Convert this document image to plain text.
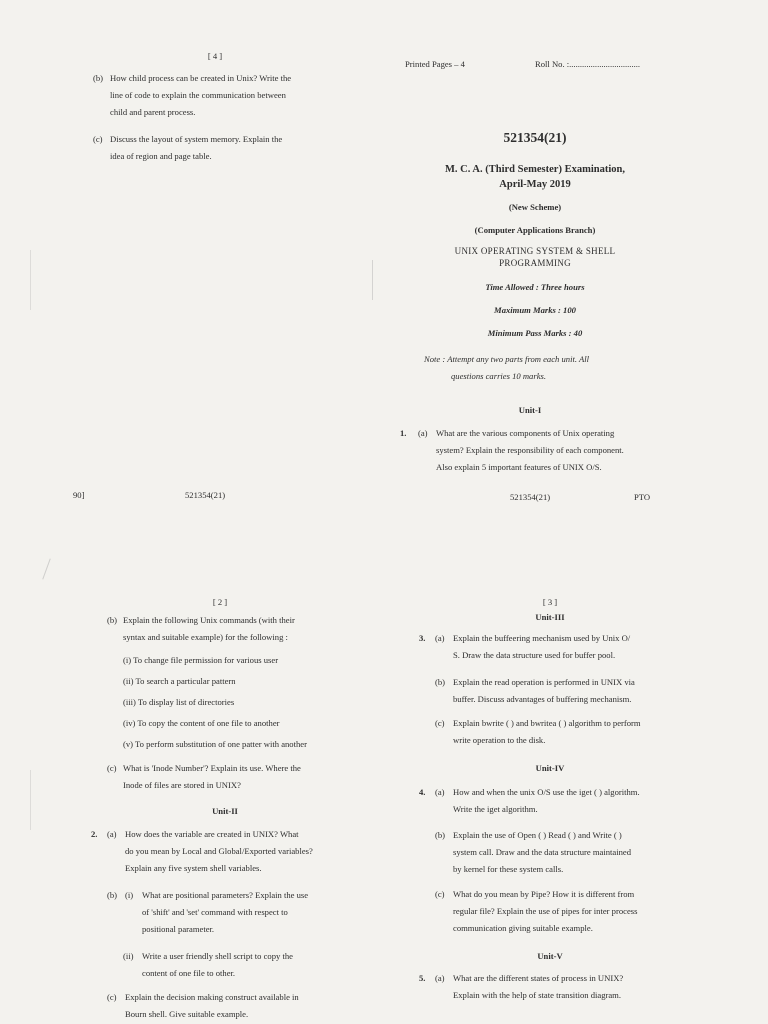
[ 4 ]
(b) How child process can be created in Unix? Write the
line of code to explain the communication between
child and parent process.
(c) Discuss the layout of system memory. Explain the
idea of region and page table.
90]	521354(21)
Printed Pages – 4	Roll No. :.................................
521354(21)
M. C. A. (Third Semester) Examination,
April-May 2019
(New Scheme)
(Computer Applications Branch)
UNIX OPERATING SYSTEM & SHELL
PROGRAMMING
Time Allowed : Three hours
Maximum Marks : 100
Minimum Pass Marks : 40
Note : Attempt any two parts from each unit. All
questions carries 10 marks.
Unit-I
1. (a) What are the various components of Unix operating
system? Explain the responsibility of each component.
Also explain 5 important features of UNIX O/S.
521354(21)	PTO
[ 2 ]
(b) Explain the following Unix commands (with their
syntax and suitable example) for the following :
(i) To change file permission for various user
(ii) To search a particular pattern
(iii) To display list of directories
(iv) To copy the content of one file to another
(v) To perform substitution of one patter with another
(c) What is 'Inode Number'? Explain its use. Where the
Inode of files are stored in UNIX?
Unit-II
2. (a) How does the variable are created in UNIX? What
do you mean by Local and Global/Exported variables?
Explain any five system shell variables.
(b) (i) What are positional parameters? Explain the use
of 'shift' and 'set' command with respect to
positional parameter.
(ii) Write a user friendly shell script to copy the
content of one file to other.
(c) Explain the decision making construct available in
Bourn shell. Give suitable example.
[ 3 ]
Unit-III
3. (a) Explain the buffeering mechanism used by Unix O/
S. Draw the data structure used for buffer pool.
(b) Explain the read operation is performed in UNIX via
buffer. Discuss advantages of buffering mechanism.
(c) Explain bwrite ( ) and bwritea ( ) algorithm to perform
write operation to the disk.
Unit-IV
4. (a) How and when the unix O/S use the iget ( ) algorithm.
Write the iget algorithm.
(b) Explain the use of Open ( ) Read ( ) and Write ( )
system call. Draw and the data structure maintained
by kernel for these system calls.
(c) What do you mean by Pipe? How it is different from
regular file? Explain the use of pipes for inter process
communication giving suitable example.
Unit-V
5. (a) What are the different states of process in UNIX?
Explain with the help of state transition diagram.
